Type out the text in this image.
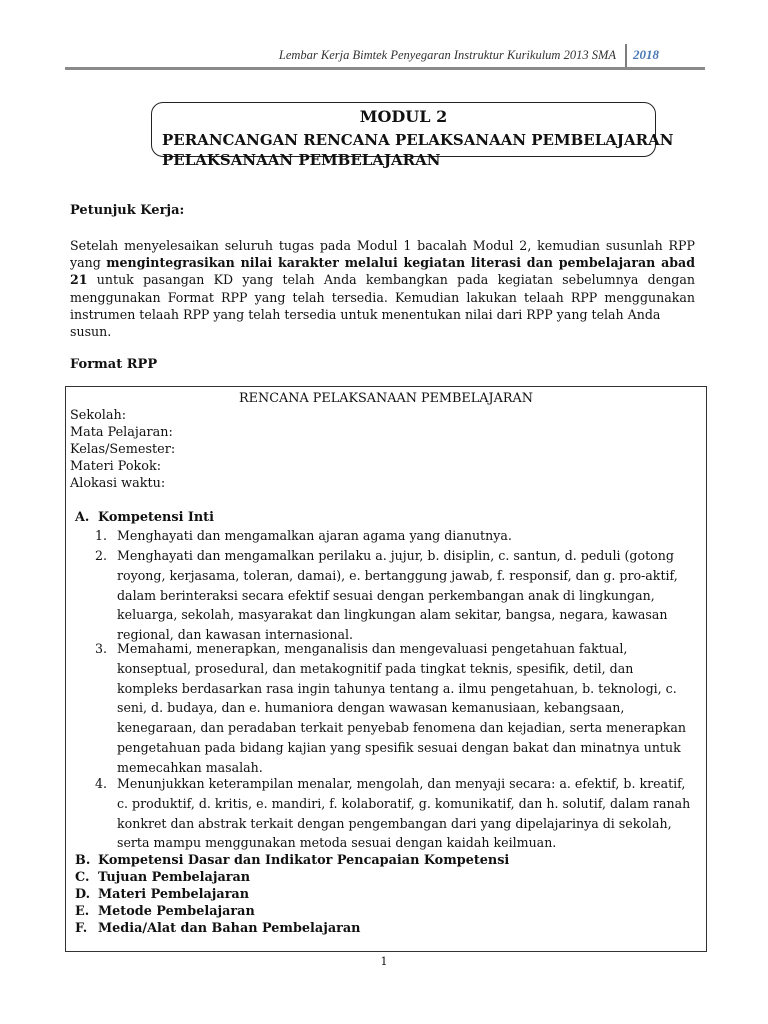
Lembar Kerja Bimtek Penyegaran Instruktur Kurikulum 2013 SMA 2018
MODUL 2
PERANCANGAN RENCANA PELAKSANAAN PEMBELAJARAN
PELAKSANAAN PEMBELAJARAN
Petunjuk Kerja:

Setelah menyelesaikan seluruh tugas pada Modul 1 bacalah Modul 2, kemudian susunlah RPP yang mengintegrasikan nilai karakter melalui kegiatan literasi dan pembelajaran abad 21 untuk pasangan KD yang telah Anda kembangkan pada kegiatan sebelumnya dengan menggunakan Format RPP yang telah tersedia. Kemudian lakukan telaah RPP menggunakan instrumen telaah RPP yang telah tersedia untuk menentukan nilai dari RPP yang telah Anda
susun.

Format RPP
RENCANA PELAKSANAAN PEMBELAJARAN
Sekolah:
Mata Pelajaran:
Kelas/Semester:
Materi Pokok:
Alokasi waktu:
A. Kompetensi Inti
1. Menghayati dan mengamalkan ajaran agama yang dianutnya.
2. Menghayati dan mengamalkan perilaku a. jujur, b. disiplin, c. santun, d. peduli (gotong royong, kerjasama, toleran, damai), e. bertanggung jawab, f. responsif, dan g. pro-aktif, dalam berinteraksi secara efektif sesuai dengan perkembangan anak di lingkungan, keluarga, sekolah, masyarakat dan lingkungan alam sekitar, bangsa, negara, kawasan regional, dan kawasan internasional.
3. Memahami, menerapkan, menganalisis dan mengevaluasi pengetahuan faktual, konseptual, prosedural, dan metakognitif pada tingkat teknis, spesifik, detil, dan kompleks berdasarkan rasa ingin tahunya tentang a. ilmu pengetahuan, b. teknologi, c. seni, d. budaya, dan e. humaniora dengan wawasan kemanusiaan, kebangsaan, kenegaraan, dan peradaban terkait penyebab fenomena dan kejadian, serta menerapkan pengetahuan pada bidang kajian yang spesifik sesuai dengan bakat dan minatnya untuk memecahkan masalah.
4. Menunjukkan keterampilan menalar, mengolah, dan menyaji secara: a. efektif, b. kreatif, c. produktif, d. kritis, e. mandiri, f. kolaboratif, g. komunikatif, dan h. solutif, dalam ranah konkret dan abstrak terkait dengan pengembangan dari yang dipelajarinya di sekolah, serta mampu menggunakan metoda sesuai dengan kaidah keilmuan.
B. Kompetensi Dasar dan Indikator Pencapaian Kompetensi
C. Tujuan Pembelajaran
D. Materi Pembelajaran
E. Metode Pembelajaran
F. Media/Alat dan Bahan Pembelajaran
1
